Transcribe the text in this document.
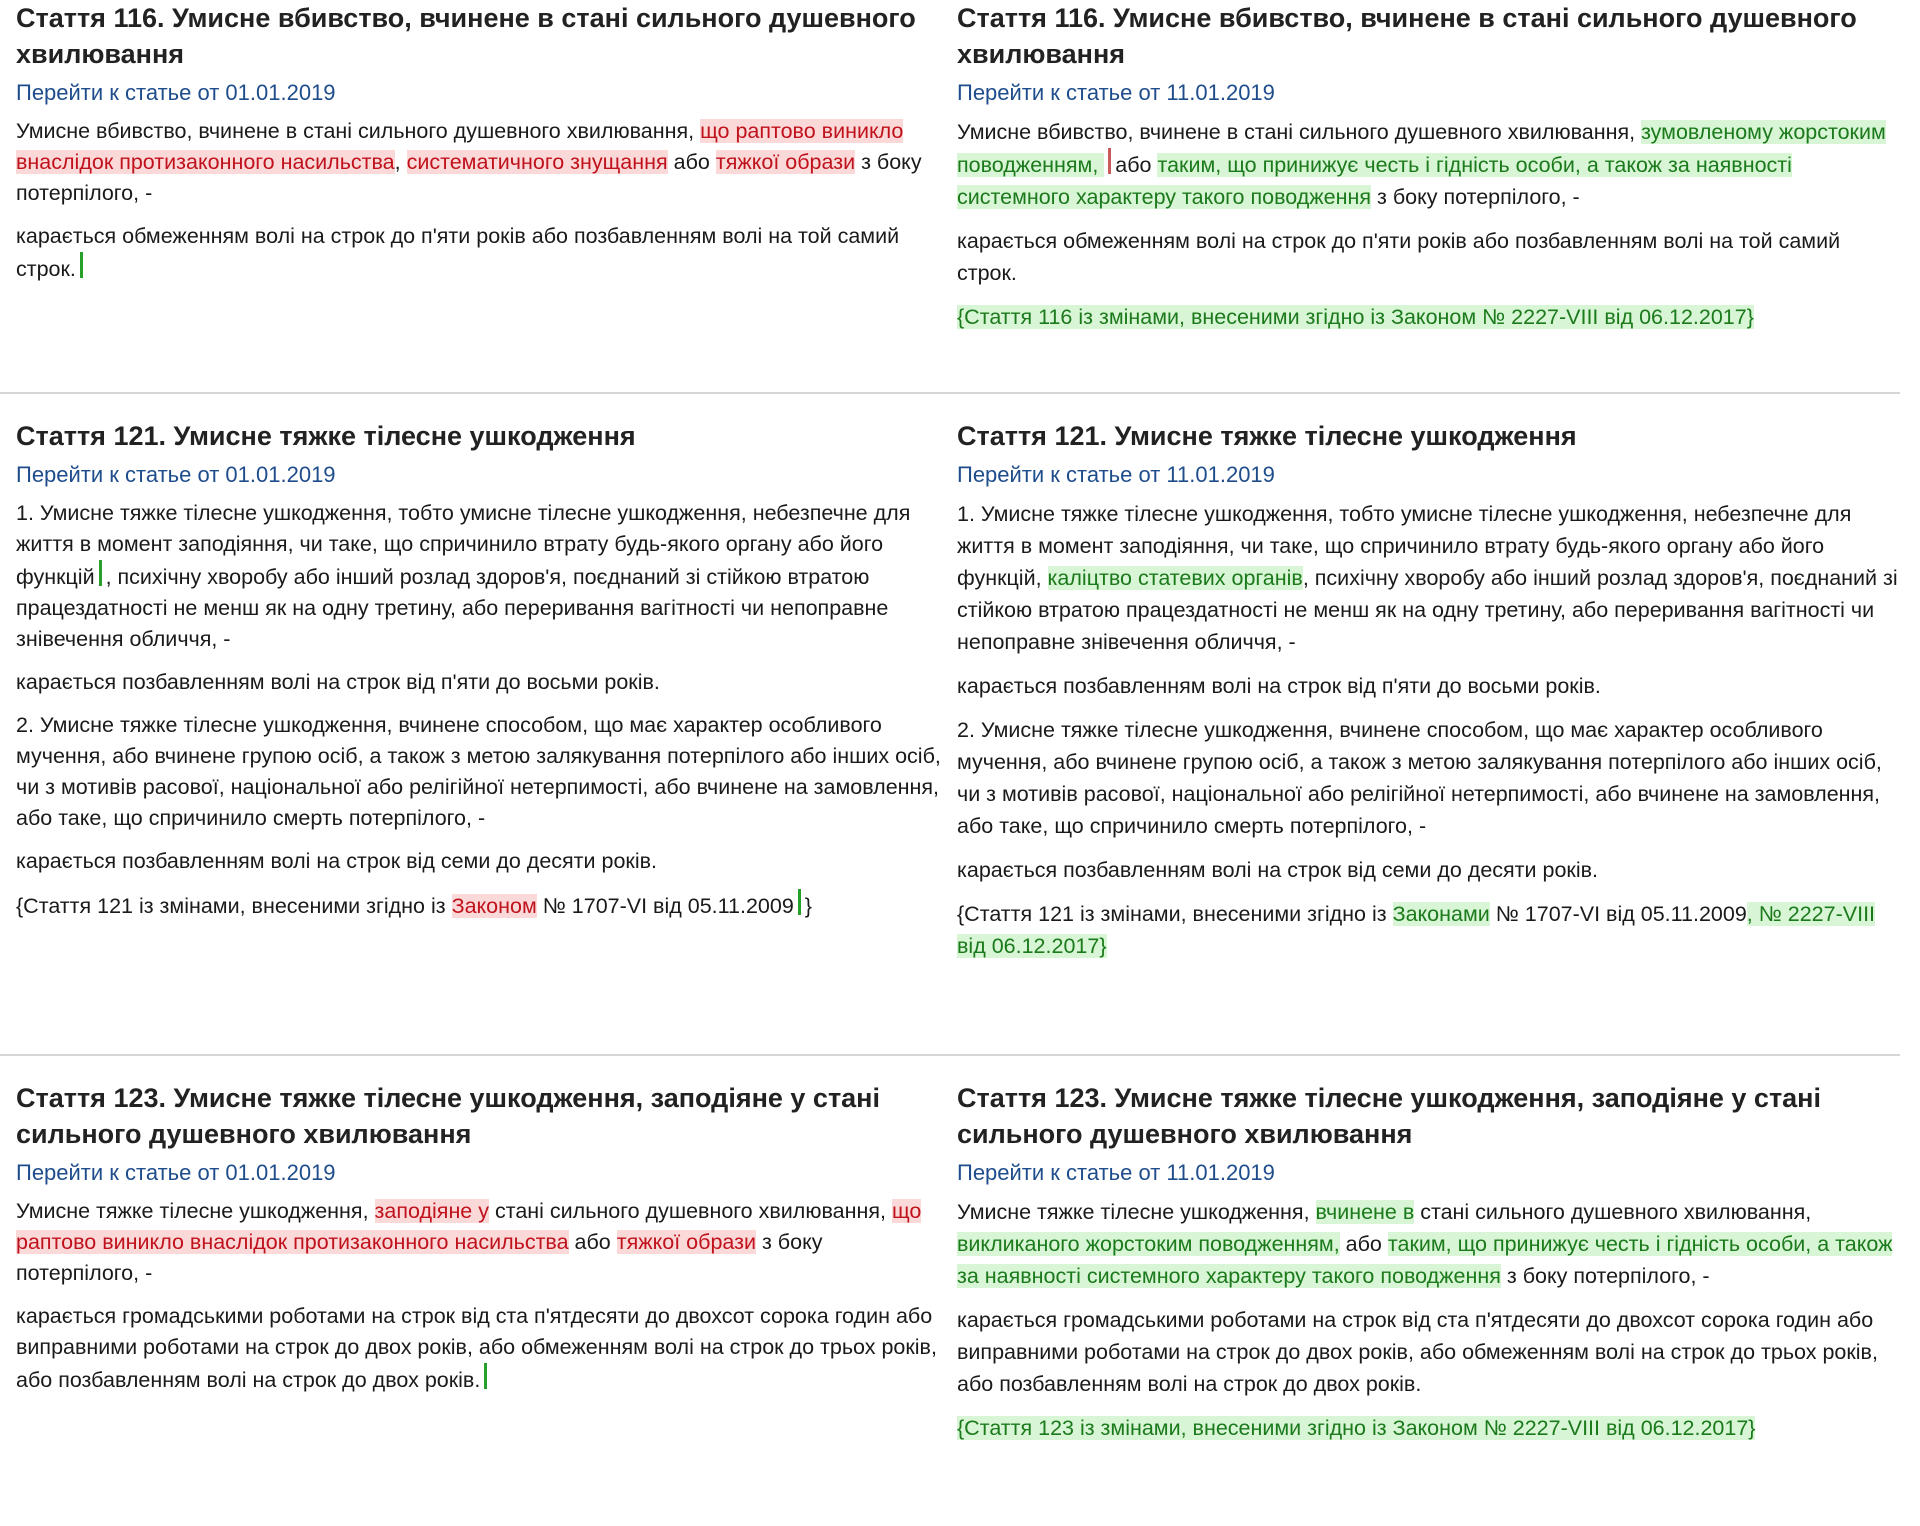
Стаття 116. Умисне вбивство, вчинене в стані сильного душевного хвилювання
Перейти к статье от 01.01.2019
Умисне вбивство, вчинене в стані сильного душевного хвилювання, що раптово виникло внаслідок протизаконного насильства, систематичного знущання або тяжкої образи з боку потерпілого, -
карається обмеженням волі на строк до п'яти років або позбавленням волі на той самий строк.
Стаття 116. Умисне вбивство, вчинене в стані сильного душевного хвилювання
Перейти к статье от 11.01.2019
Умисне вбивство, вчинене в стані сильного душевного хвилювання, зумовленому жорстоким поводженням, або таким, що принижує честь і гідність особи, а також за наявності системного характеру такого поводження з боку потерпілого, -
карається обмеженням волі на строк до п'яти років або позбавленням волі на той самий строк.
{Стаття 116 із змінами, внесеними згідно із Законом № 2227-VIII від 06.12.2017}
Стаття 121. Умисне тяжке тілесне ушкодження
Перейти к статье от 01.01.2019
1. Умисне тяжке тілесне ушкодження, тобто умисне тілесне ушкодження, небезпечне для життя в момент заподіяння, чи таке, що спричинило втрату будь-якого органу або його функцій , психічну хворобу або інший розлад здоров'я, поєднаний зі стійкою втратою працездатності не менш як на одну третину, або переривання вагітності чи непоправне знівечення обличчя, -
карається позбавленням волі на строк від п'яти до восьми років.
2. Умисне тяжке тілесне ушкодження, вчинене способом, що має характер особливого мучення, або вчинене групою осіб, а також з метою залякування потерпілого або інших осіб, чи з мотивів расової, національної або релігійної нетерпимості, або вчинене на замовлення, або таке, що спричинило смерть потерпілого, -
карається позбавленням волі на строк від семи до десяти років.
{Стаття 121 із змінами, внесеними згідно із Законом № 1707-VI від 05.11.2009 }
Стаття 121. Умисне тяжке тілесне ушкодження
Перейти к статье от 11.01.2019
1. Умисне тяжке тілесне ушкодження, тобто умисне тілесне ушкодження, небезпечне для життя в момент заподіяння, чи таке, що спричинило втрату будь-якого органу або його функцій, каліцтво статевих органів, психічну хворобу або інший розлад здоров'я, поєднаний зі стійкою втратою працездатності не менш як на одну третину, або переривання вагітності чи непоправне знівечення обличчя, -
карається позбавленням волі на строк від п'яти до восьми років.
2. Умисне тяжке тілесне ушкодження, вчинене способом, що має характер особливого мучення, або вчинене групою осіб, а також з метою залякування потерпілого або інших осіб, чи з мотивів расової, національної або релігійної нетерпимості, або вчинене на замовлення, або таке, що спричинило смерть потерпілого, -
карається позбавленням волі на строк від семи до десяти років.
{Стаття 121 із змінами, внесеними згідно із Законами № 1707-VI від 05.11.2009, № 2227-VIII від 06.12.2017}
Стаття 123. Умисне тяжке тілесне ушкодження, заподіяне у стані сильного душевного хвилювання
Перейти к статье от 01.01.2019
Умисне тяжке тілесне ушкодження, заподіяне у стані сильного душевного хвилювання, що раптово виникло внаслідок протизаконного насильства або тяжкої образи з боку потерпілого, -
карається громадськими роботами на строк від ста п'ятдесяти до двохсот сорока годин або виправними роботами на строк до двох років, або обмеженням волі на строк до трьох років, або позбавленням волі на строк до двох років.
Стаття 123. Умисне тяжке тілесне ушкодження, заподіяне у стані сильного душевного хвилювання
Перейти к статье от 11.01.2019
Умисне тяжке тілесне ушкодження, вчинене в стані сильного душевного хвилювання, викликаного жорстоким поводженням, або таким, що принижує честь і гідність особи, а також за наявності системного характеру такого поводження з боку потерпілого, -
карається громадськими роботами на строк від ста п'ятдесяти до двохсот сорока годин або виправними роботами на строк до двох років, або обмеженням волі на строк до трьох років, або позбавленням волі на строк до двох років.
{Стаття 123 із змінами, внесеними згідно із Законом № 2227-VIII від 06.12.2017}
